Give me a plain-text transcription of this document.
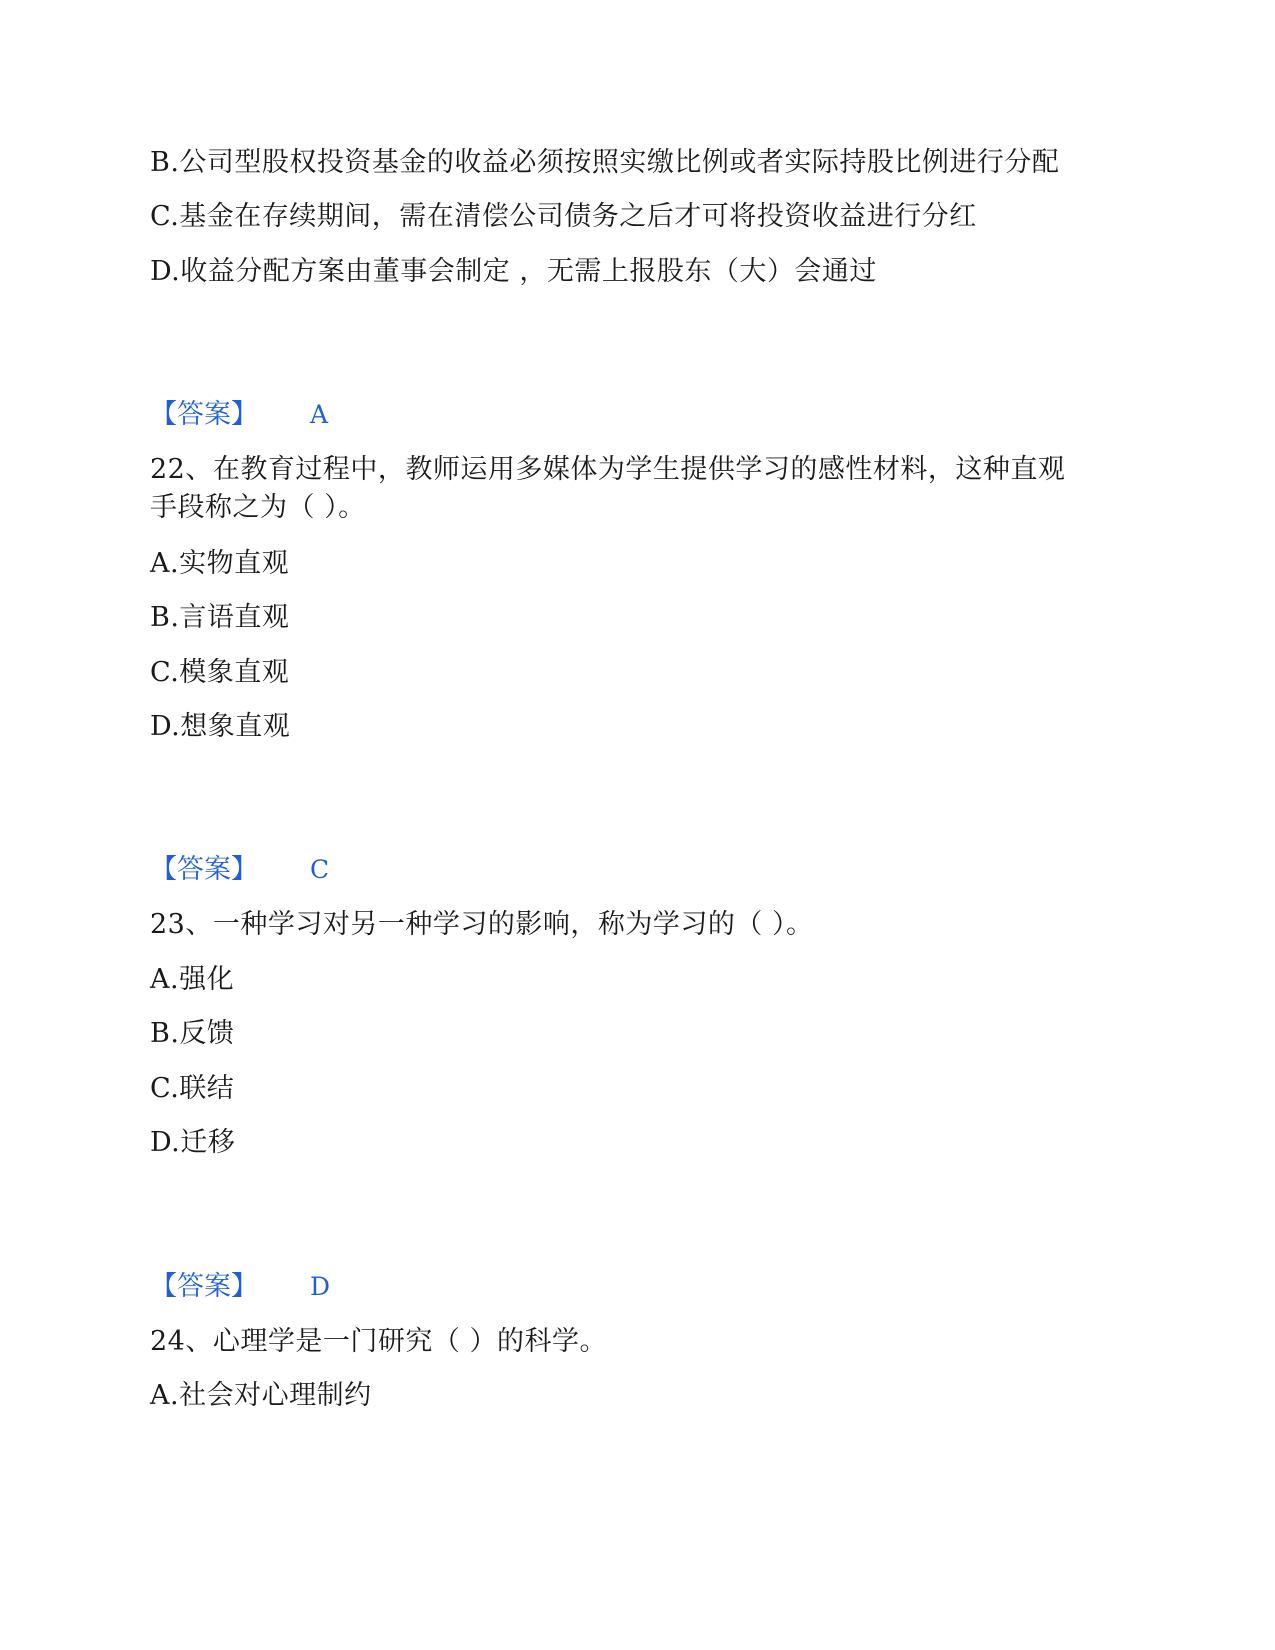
B.公司型股权投资基金的收益必须按照实缴比例或者实际持股比例进行分配
C.基金在存续期间，需在清偿公司债务之后才可将投资收益进行分红
D.收益分配方案由董事会制定 ，无需上报股东（大）会通过
【答案】 A
22、在教育过程中，教师运用多媒体为学生提供学习的感性材料，这种直观
手段称之为（ ）。
A.实物直观
B.言语直观
C.模象直观
D.想象直观
【答案】 C
23、一种学习对另一种学习的影响，称为学习的（ ）。
A.强化
B.反馈
C.联结
D.迁移
【答案】 D
24、心理学是一门研究（ ）的科学。
A.社会对心理制约
